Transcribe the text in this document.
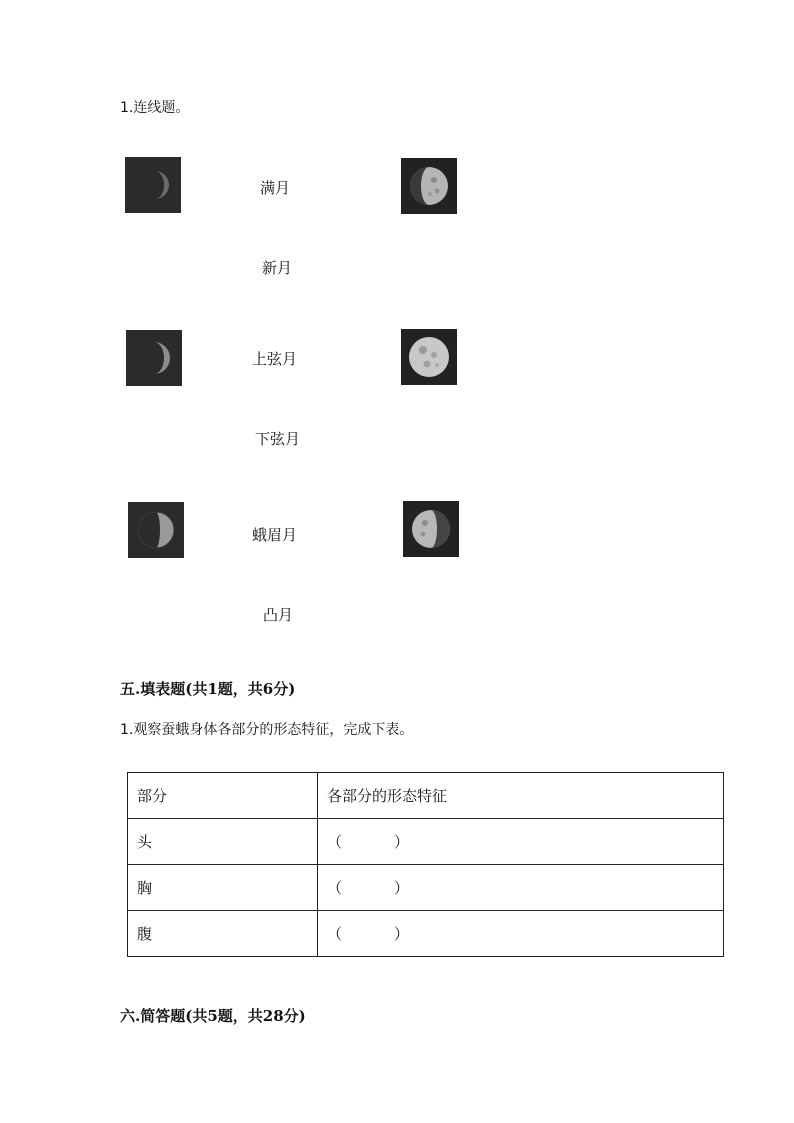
1.连线题。
满月
新月
上弦月
下弦月
蛾眉月
凸月
五.填表题(共1题，共6分)
1.观察蚕蛾身体各部分的形态特征，完成下表。
部分	各部分的形态特征
头	（ ）
胸	（ ）
腹	（ ）
六.简答题(共5题，共28分)
